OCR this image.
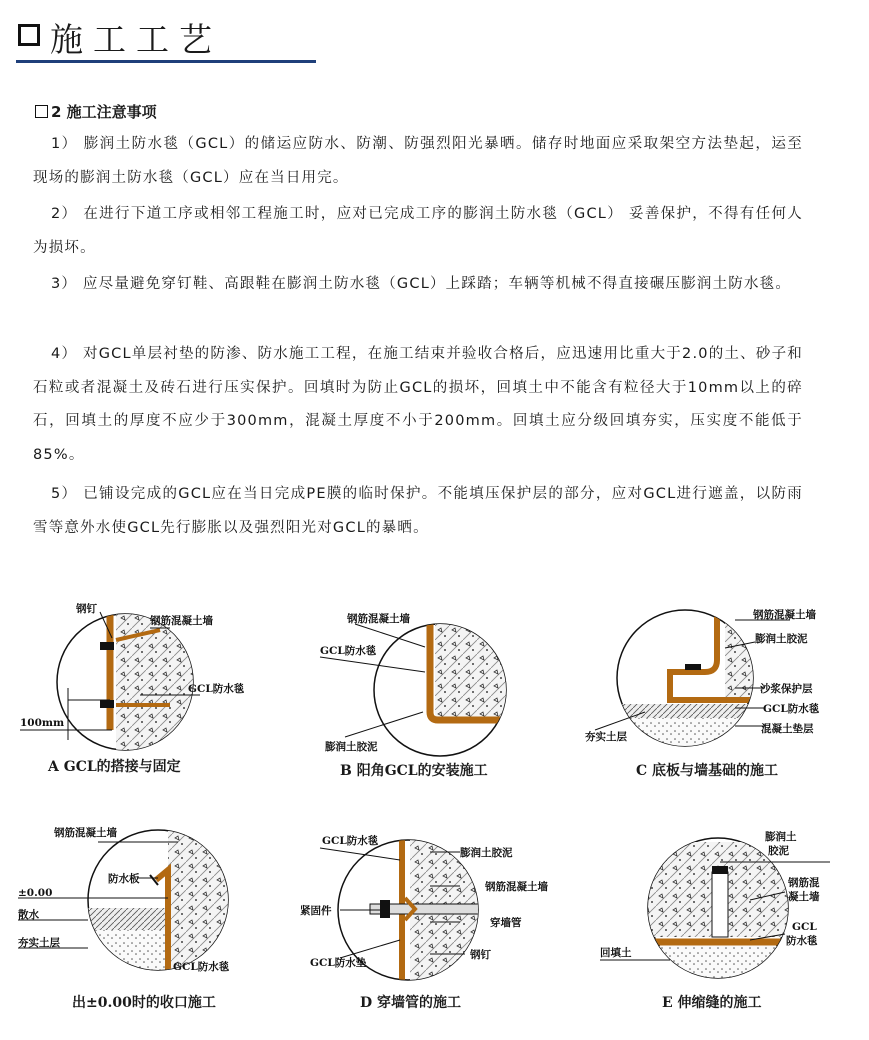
施工工艺
2 施工注意事项
1） 膨润土防水毯（GCL）的储运应防水、防潮、防强烈阳光暴晒。储存时地面应采取架空方法垫起，运至现场的膨润土防水毯（GCL）应在当日用完。
2） 在进行下道工序或相邻工程施工时，应对已完成工序的膨润土防水毯（GCL） 妥善保护，不得有任何人为损坏。
3） 应尽量避免穿钉鞋、高跟鞋在膨润土防水毯（GCL）上踩踏；车辆等机械不得直接碾压膨润土防水毯。
4） 对GCL单层衬垫的防渗、防水施工工程，在施工结束并验收合格后，应迅速用比重大于2.0的土、砂子和石粒或者混凝土及砖石进行压实保护。回填时为防止GCL的损坏，回填土中不能含有粒径大于10mm以上的碎石，回填土的厚度不应少于300mm，混凝土厚度不小于200mm。回填土应分级回填夯实，压实度不能低于85%。
5） 已铺设完成的GCL应在当日完成PE膜的临时保护。不能填压保护层的部分，应对GCL进行遮盖，以防雨雪等意外水使GCL先行膨胀以及强烈阳光对GCL的暴晒。
钢钉
钢筋混凝土墙
GCL防水毯
100mm
A GCL的搭接与固定
钢筋混凝土墙
GCL防水毯
膨润土胶泥
B 阳角GCL的安装施工
钢筋混凝土墙
膨润土胶泥
沙浆保护层
GCL防水毯
混凝土垫层
夯实土层
C 底板与墙基础的施工
钢筋混凝土墙
防水板
±0.00
散水
夯实土层
GCL防水毯
出±0.00时的收口施工
GCL防水毯
膨润土胶泥
钢筋混凝土墙
紧固件
穿墙管
GCL防水垫
钢钉
D 穿墙管的施工
膨润土
胶泥
钢筋混
凝土墙
GCL
防水毯
回填土
E 伸缩缝的施工
